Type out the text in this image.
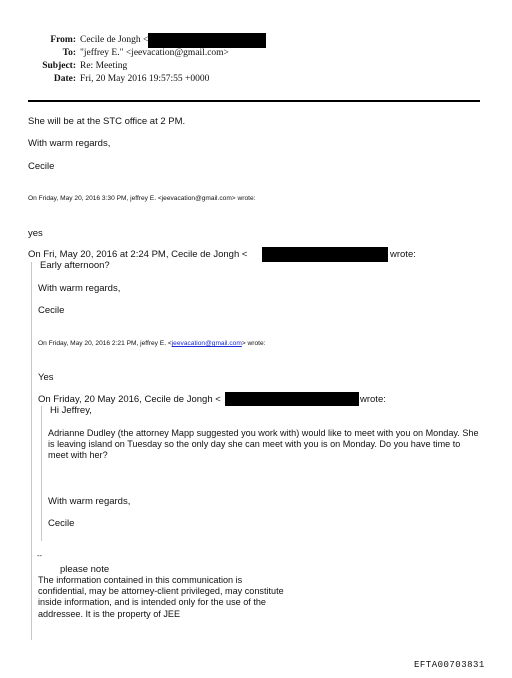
From: Cecile de Jongh <
To: "jeffrey E." <jeevacation@gmail.com>
Subject: Re: Meeting
Date: Fri, 20 May 2016 19:57:55 +0000
She will be at the STC office at 2 PM.
With warm regards,
Cecile
On Friday, May 20, 2016 3:30 PM, jeffrey E. <jeevacation@gmail.com> wrote:
yes
On Fri, May 20, 2016 at 2:24 PM, Cecile de Jongh <	wrote:
Early afternoon?
With warm regards,
Cecile
On Friday, May 20, 2016 2:21 PM, jeffrey E. <jeevacation@gmail.com> wrote:
Yes
On Friday, 20 May 2016, Cecile de Jongh <	wrote:
Hi Jeffrey,
Adrianne Dudley (the attorney Mapp suggested you work with) would like to meet with you on Monday. She is leaving island on Tuesday so the only day she can meet with you is on Monday. Do you have time to meet with her?
With warm regards,
Cecile
--
please note
The information contained in this communication is confidential, may be attorney-client privileged, may constitute inside information, and is intended only for the use of the addressee. It is the property of JEE
EFTA00703831
